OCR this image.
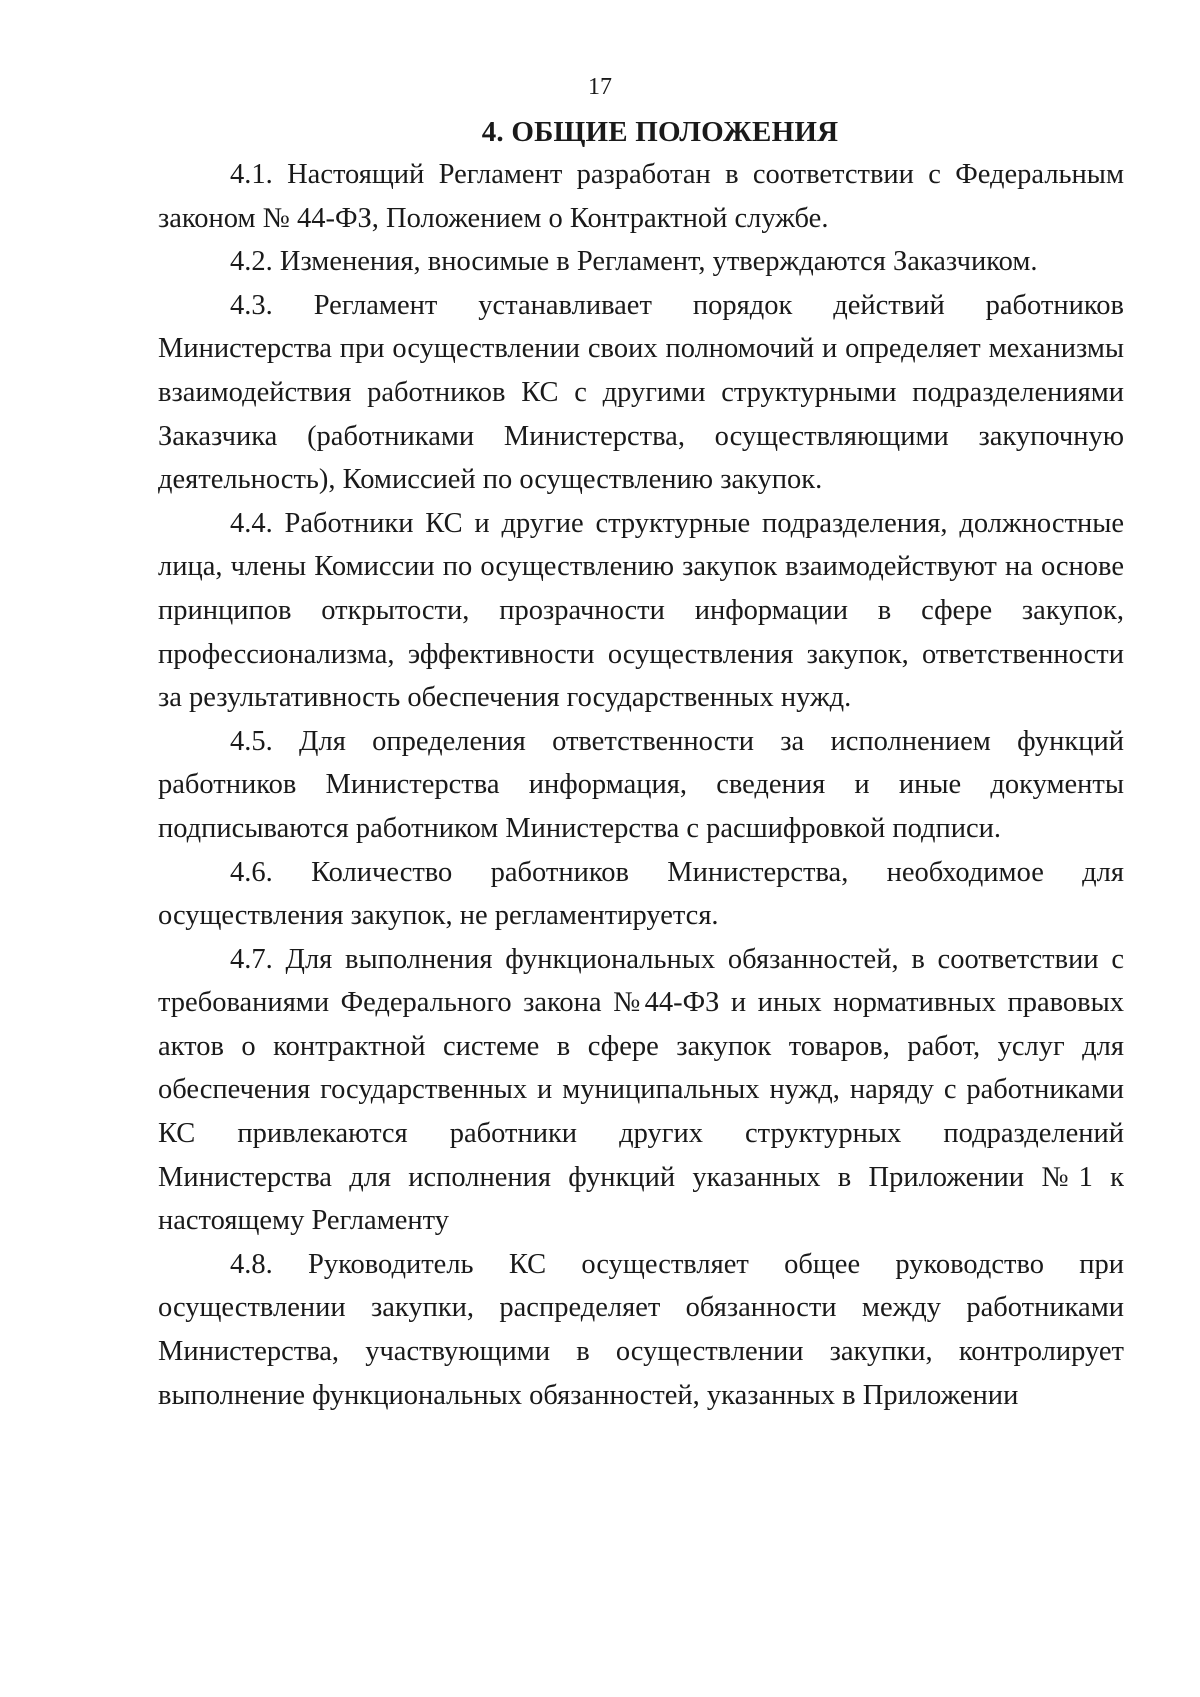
17
4. ОБЩИЕ ПОЛОЖЕНИЯ

4.1. Настоящий Регламент разработан в соответствии с Федеральным законом № 44-ФЗ, Положением о Контрактной службе.

4.2. Изменения, вносимые в Регламент, утверждаются Заказчиком.

4.3. Регламент устанавливает порядок действий работников Министерства при осуществлении своих полномочий и определяет механизмы взаимодействия работников КС с другими структурными подразделениями Заказчика (работниками Министерства, осуществляющими закупочную деятельность), Комиссией по осуществлению закупок.

4.4. Работники КС и другие структурные подразделения, должностные лица, члены Комиссии по осуществлению закупок взаимодействуют на основе принципов открытости, прозрачности информации в сфере закупок, профессионализма, эффективности осуществления закупок, ответственности за результативность обеспечения государственных нужд.

4.5. Для определения ответственности за исполнением функций работников Министерства информация, сведения и иные документы подписываются работником Министерства с расшифровкой подписи.

4.6. Количество работников Министерства, необходимое для осуществления закупок, не регламентируется.

4.7. Для выполнения функциональных обязанностей, в соответствии с требованиями Федерального закона №44-ФЗ и иных нормативных правовых актов о контрактной системе в сфере закупок товаров, работ, услуг для обеспечения государственных и муниципальных нужд, наряду с работниками КС привлекаются работники других структурных подразделений Министерства для исполнения функций указанных в Приложении №1 к настоящему Регламенту

4.8. Руководитель КС осуществляет общее руководство при осуществлении закупки, распределяет обязанности между работниками Министерства, участвующими в осуществлении закупки, контролирует выполнение функциональных обязанностей, указанных в Приложении
